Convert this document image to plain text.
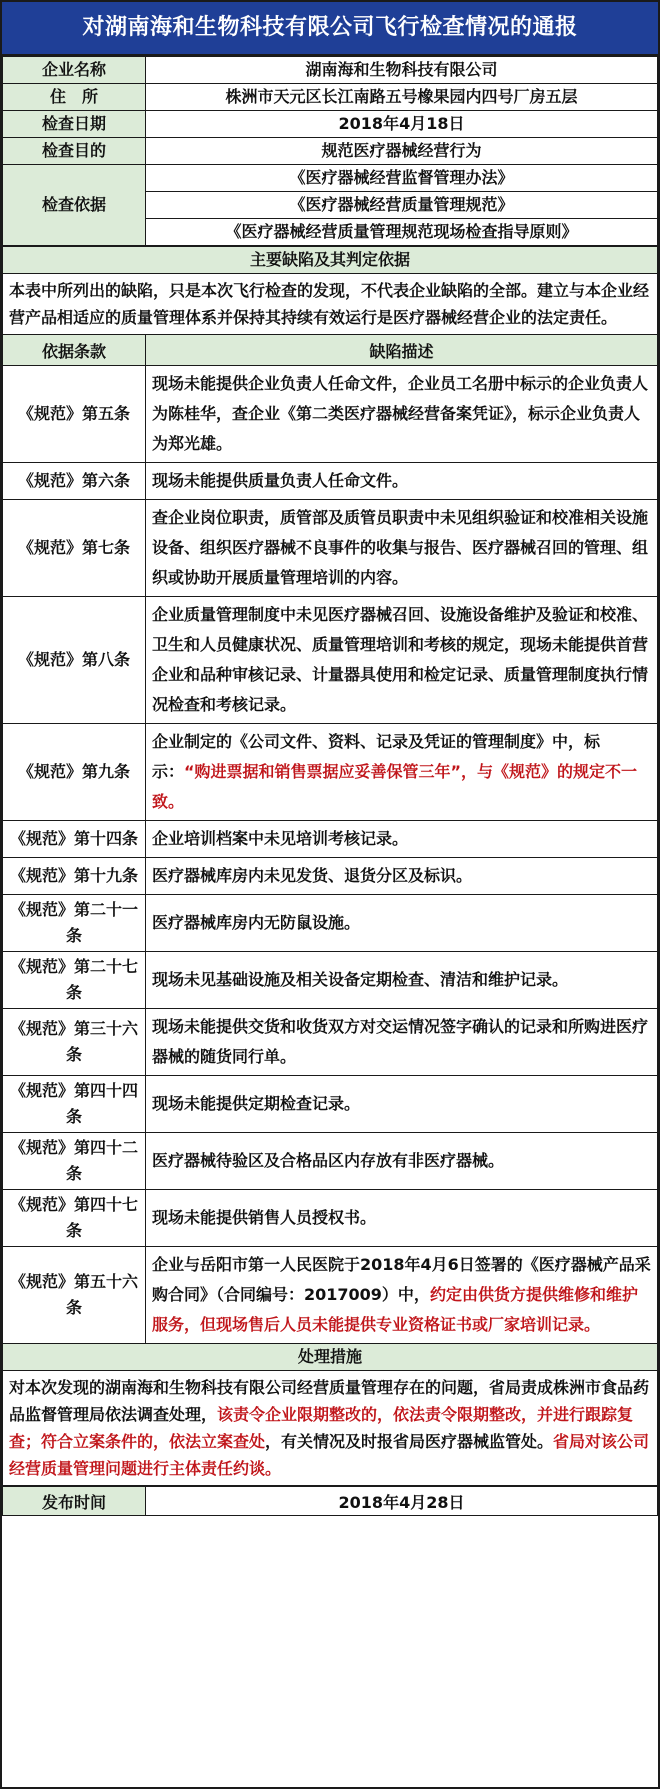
对湖南海和生物科技有限公司飞行检查情况的通报
企业名称	湖南海和生物科技有限公司
住　所	株洲市天元区长江南路五号橡果园内四号厂房五层
检查日期	2018年4月18日
检查目的	规范医疗器械经营行为
检查依据	《医疗器械经营监督管理办法》
	《医疗器械经营质量管理规范》
	《医疗器械经营质量管理规范现场检查指导原则》
主要缺陷及其判定依据	
本表中所列出的缺陷，只是本次飞行检查的发现，不代表企业缺陷的全部。建立与本企业经营产品相适应的质量管理体系并保持其持续有效运行是医疗器械经营企业的法定责任。	
依据条款	缺陷描述
《规范》第五条	现场未能提供企业负责人任命文件，企业员工名册中标示的企业负责人为陈桂华，查企业《第二类医疗器械经营备案凭证》，标示企业负责人为郑光雄。
《规范》第六条	现场未能提供质量负责人任命文件。
《规范》第七条	查企业岗位职责，质管部及质管员职责中未见组织验证和校准相关设施设备、组织医疗器械不良事件的收集与报告、医疗器械召回的管理、组织或协助开展质量管理培训的内容。
《规范》第八条	企业质量管理制度中未见医疗器械召回、设施设备维护及验证和校准、卫生和人员健康状况、质量管理培训和考核的规定，现场未能提供首营企业和品种审核记录、计量器具使用和检定记录、质量管理制度执行情况检查和考核记录。
《规范》第九条	企业制定的《公司文件、资料、记录及凭证的管理制度》中，标示：“购进票据和销售票据应妥善保管三年”，与《规范》的规定不一致。
《规范》第十四条	企业培训档案中未见培训考核记录。
《规范》第十九条	医疗器械库房内未见发货、退货分区及标识。
《规范》第二十一条	医疗器械库房内无防鼠设施。
《规范》第二十七条	现场未见基础设施及相关设备定期检查、清洁和维护记录。
《规范》第三十六条	现场未能提供交货和收货双方对交运情况签字确认的记录和所购进医疗器械的随货同行单。
《规范》第四十四条	现场未能提供定期检查记录。
《规范》第四十二条	医疗器械待验区及合格品区内存放有非医疗器械。
《规范》第四十七条	现场未能提供销售人员授权书。
《规范》第五十六条	企业与岳阳市第一人民医院于2018年4月6日签署的《医疗器械产品采购合同》（合同编号：2017009）中，约定由供货方提供维修和维护服务，但现场售后人员未能提供专业资格证书或厂家培训记录。
处理措施	
对本次发现的湖南海和生物科技有限公司经营质量管理存在的问题，省局责成株洲市食品药品监督管理局依法调查处理，该责令企业限期整改的，依法责令限期整改，并进行跟踪复查；符合立案条件的，依法立案查处，有关情况及时报省局医疗器械监管处。省局对该公司经营质量管理问题进行主体责任约谈。	
发布时间	2018年4月28日
